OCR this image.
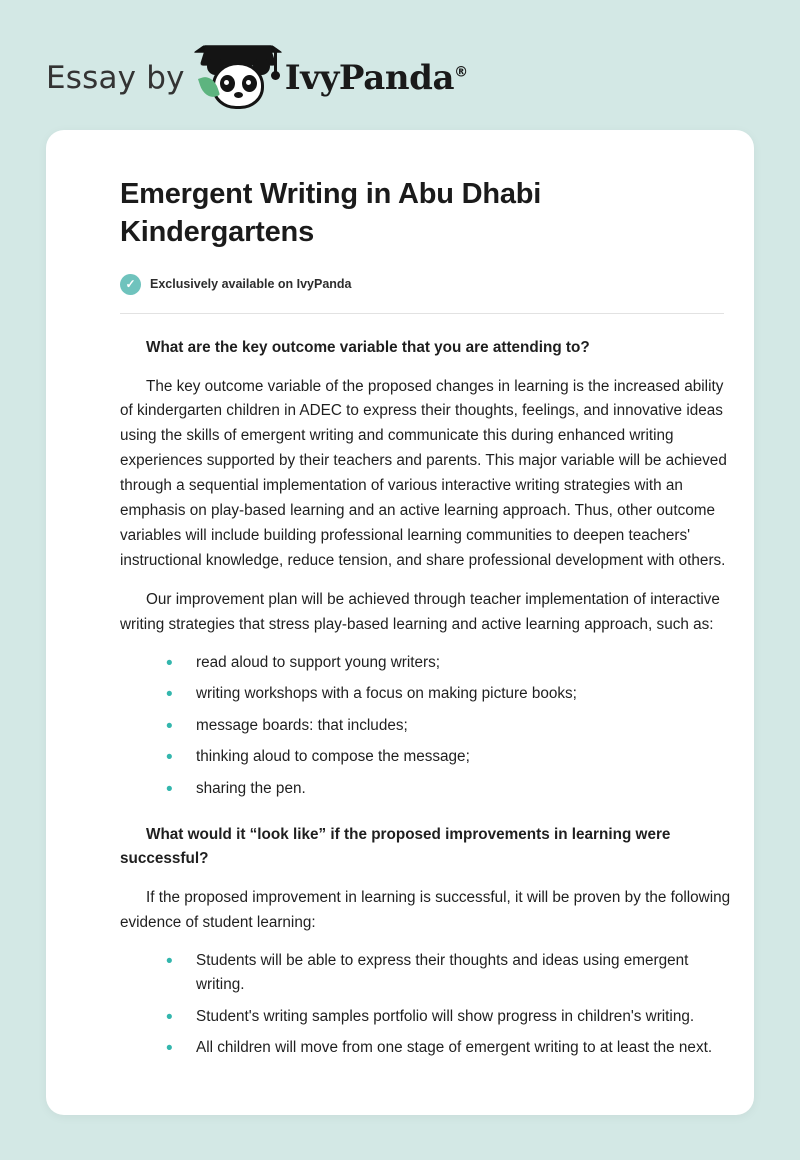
Essay by	IvyPanda®
Emergent Writing in Abu Dhabi Kindergartens
✓	Exclusively available on IvyPanda

What are the key outcome variable that you are attending to?

The key outcome variable of the proposed changes in learning is the increased ability of kindergarten children in ADEC to express their thoughts, feelings, and innovative ideas using the skills of emergent writing and communicate this during enhanced writing experiences supported by their teachers and parents. This major variable will be achieved through a sequential implementation of various interactive writing strategies with an emphasis on play-based learning and an active learning approach. Thus, other outcome variables will include building professional learning communities to deepen teachers' instructional knowledge, reduce tension, and share professional development with others.

Our improvement plan will be achieved through teacher implementation of interactive writing strategies that stress play-based learning and active learning approach, such as:

• read aloud to support young writers;
• writing workshops with a focus on making picture books;
• message boards: that includes;
• thinking aloud to compose the message;
• sharing the pen.

What would it “look like” if the proposed improvements in learning were successful?

If the proposed improvement in learning is successful, it will be proven by the following evidence of student learning:

• Students will be able to express their thoughts and ideas using emergent writing.
• Student's writing samples portfolio will show progress in children's writing.
• All children will move from one stage of emergent writing to at least the next.
